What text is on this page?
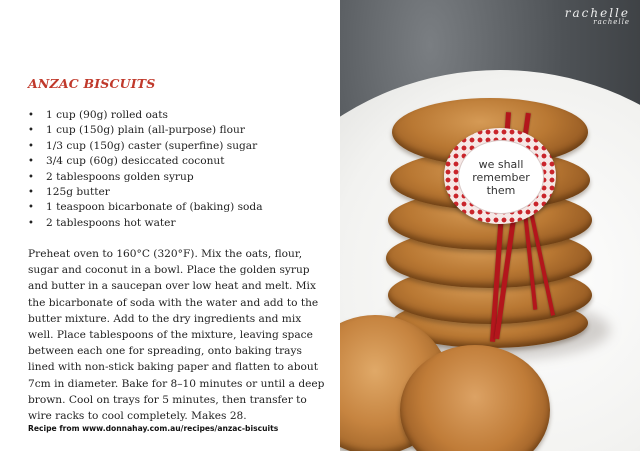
ANZAC BISCUITS
• 1 cup (90g) rolled oats
• 1 cup (150g) plain (all-purpose) flour
• 1/3 cup (150g) caster (superfine) sugar
• 3/4 cup (60g) desiccated coconut
• 2 tablespoons golden syrup
• 125g butter
• 1 teaspoon bicarbonate of (baking) soda
• 2 tablespoons hot water

Preheat oven to 160°C (320°F). Mix the oats, flour, sugar and coconut in a bowl. Place the golden syrup and butter in a saucepan over low heat and melt. Mix the bicarbonate of soda with the water and add to the butter mixture. Add to the dry ingredients and mix well. Place tablespoons of the mixture, leaving space between each one for spreading, onto baking trays lined with non-stick baking paper and flatten to about 7cm in diameter. Bake for 8–10 minutes or until a deep brown. Cool on trays for 5 minutes, then transfer to wire racks to cool completely. Makes 28.

Recipe from www.donnahay.com.au/recipes/anzac-biscuits
we shall
remember
them
rachelle
rachelle
